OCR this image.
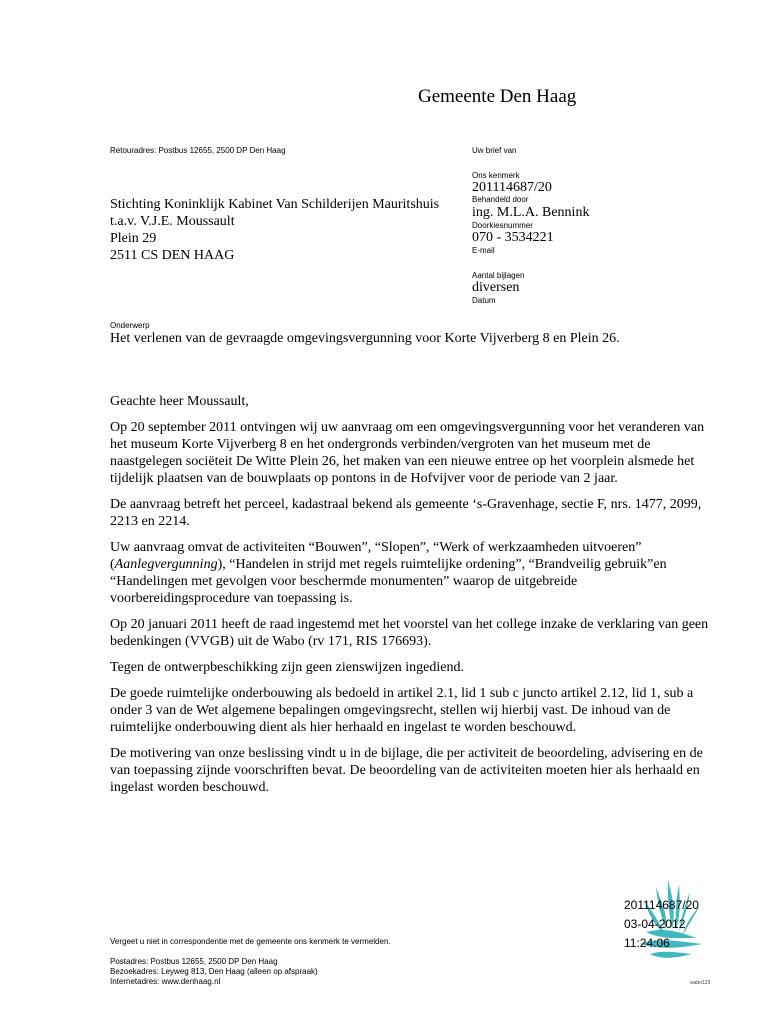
Gemeente Den Haag
Retouradres: Postbus 12655, 2500 DP Den Haag
Stichting Koninklijk Kabinet Van Schilderijen Mauritshuis
t.a.v. V.J.E. Moussault
Plein 29
2511 CS DEN HAAG
Uw brief van
Ons kenmerk
201114687/20
Behandeld door
ing. M.L.A. Bennink
Doorkiesnummer
070 - 3534221
E-mail
Aantal bijlagen
diversen
Datum
Onderwerp
Het verlenen van de gevraagde omgevingsvergunning voor Korte Vijverberg 8 en Plein 26.

Geachte heer Moussault,

Op 20 september 2011 ontvingen wij uw aanvraag om een omgevingsvergunning voor het veranderen van het museum Korte Vijverberg 8 en het ondergronds verbinden/vergroten van het museum met de naastgelegen sociëteit De Witte Plein 26, het maken van een nieuwe entree op het voorplein alsmede het tijdelijk plaatsen van de bouwplaats op pontons in de Hofvijver voor de periode van 2 jaar.

De aanvraag betreft het perceel, kadastraal bekend als gemeente ‘s-Gravenhage, sectie F, nrs. 1477, 2099, 2213 en 2214.

Uw aanvraag omvat de activiteiten “Bouwen”, “Slopen”, “Werk of werkzaamheden uitvoeren” (Aanlegvergunning), “Handelen in strijd met regels ruimtelijke ordening”, “Brandveilig gebruik”en “Handelingen met gevolgen voor beschermde monumenten” waarop de uitgebreide voorbereidingsprocedure van toepassing is.

Op 20 januari 2011 heeft de raad ingestemd met het voorstel van het college inzake de verklaring van geen bedenkingen (VVGB) uit de Wabo (rv 171, RIS 176693).

Tegen de ontwerpbeschikking zijn geen zienswijzen ingediend.

De goede ruimtelijke onderbouwing als bedoeld in artikel 2.1, lid 1 sub c juncto artikel 2.12, lid 1, sub a onder 3 van de Wet algemene bepalingen omgevingsrecht, stellen wij hierbij vast. De inhoud van de ruimtelijke onderbouwing dient als hier herhaald en ingelast te worden beschouwd.

De motivering van onze beslissing vindt u in de bijlage, die per activiteit de beoordeling, advisering en de van toepassing zijnde voorschriften bevat. De beoordeling van de activiteiten moeten hier als herhaald en ingelast worden beschouwd.

201114687/20
03-04-2012
11:24:06
wabo123
Vergeet u niet in correspondentie met de gemeente ons kenmerk te vermelden.
Postadres: Postbus 12655, 2500 DP Den Haag
Bezoekadres: Leyweg 813, Den Haag (alleen op afspraak)
Internetadres: www.denhaag.nl
